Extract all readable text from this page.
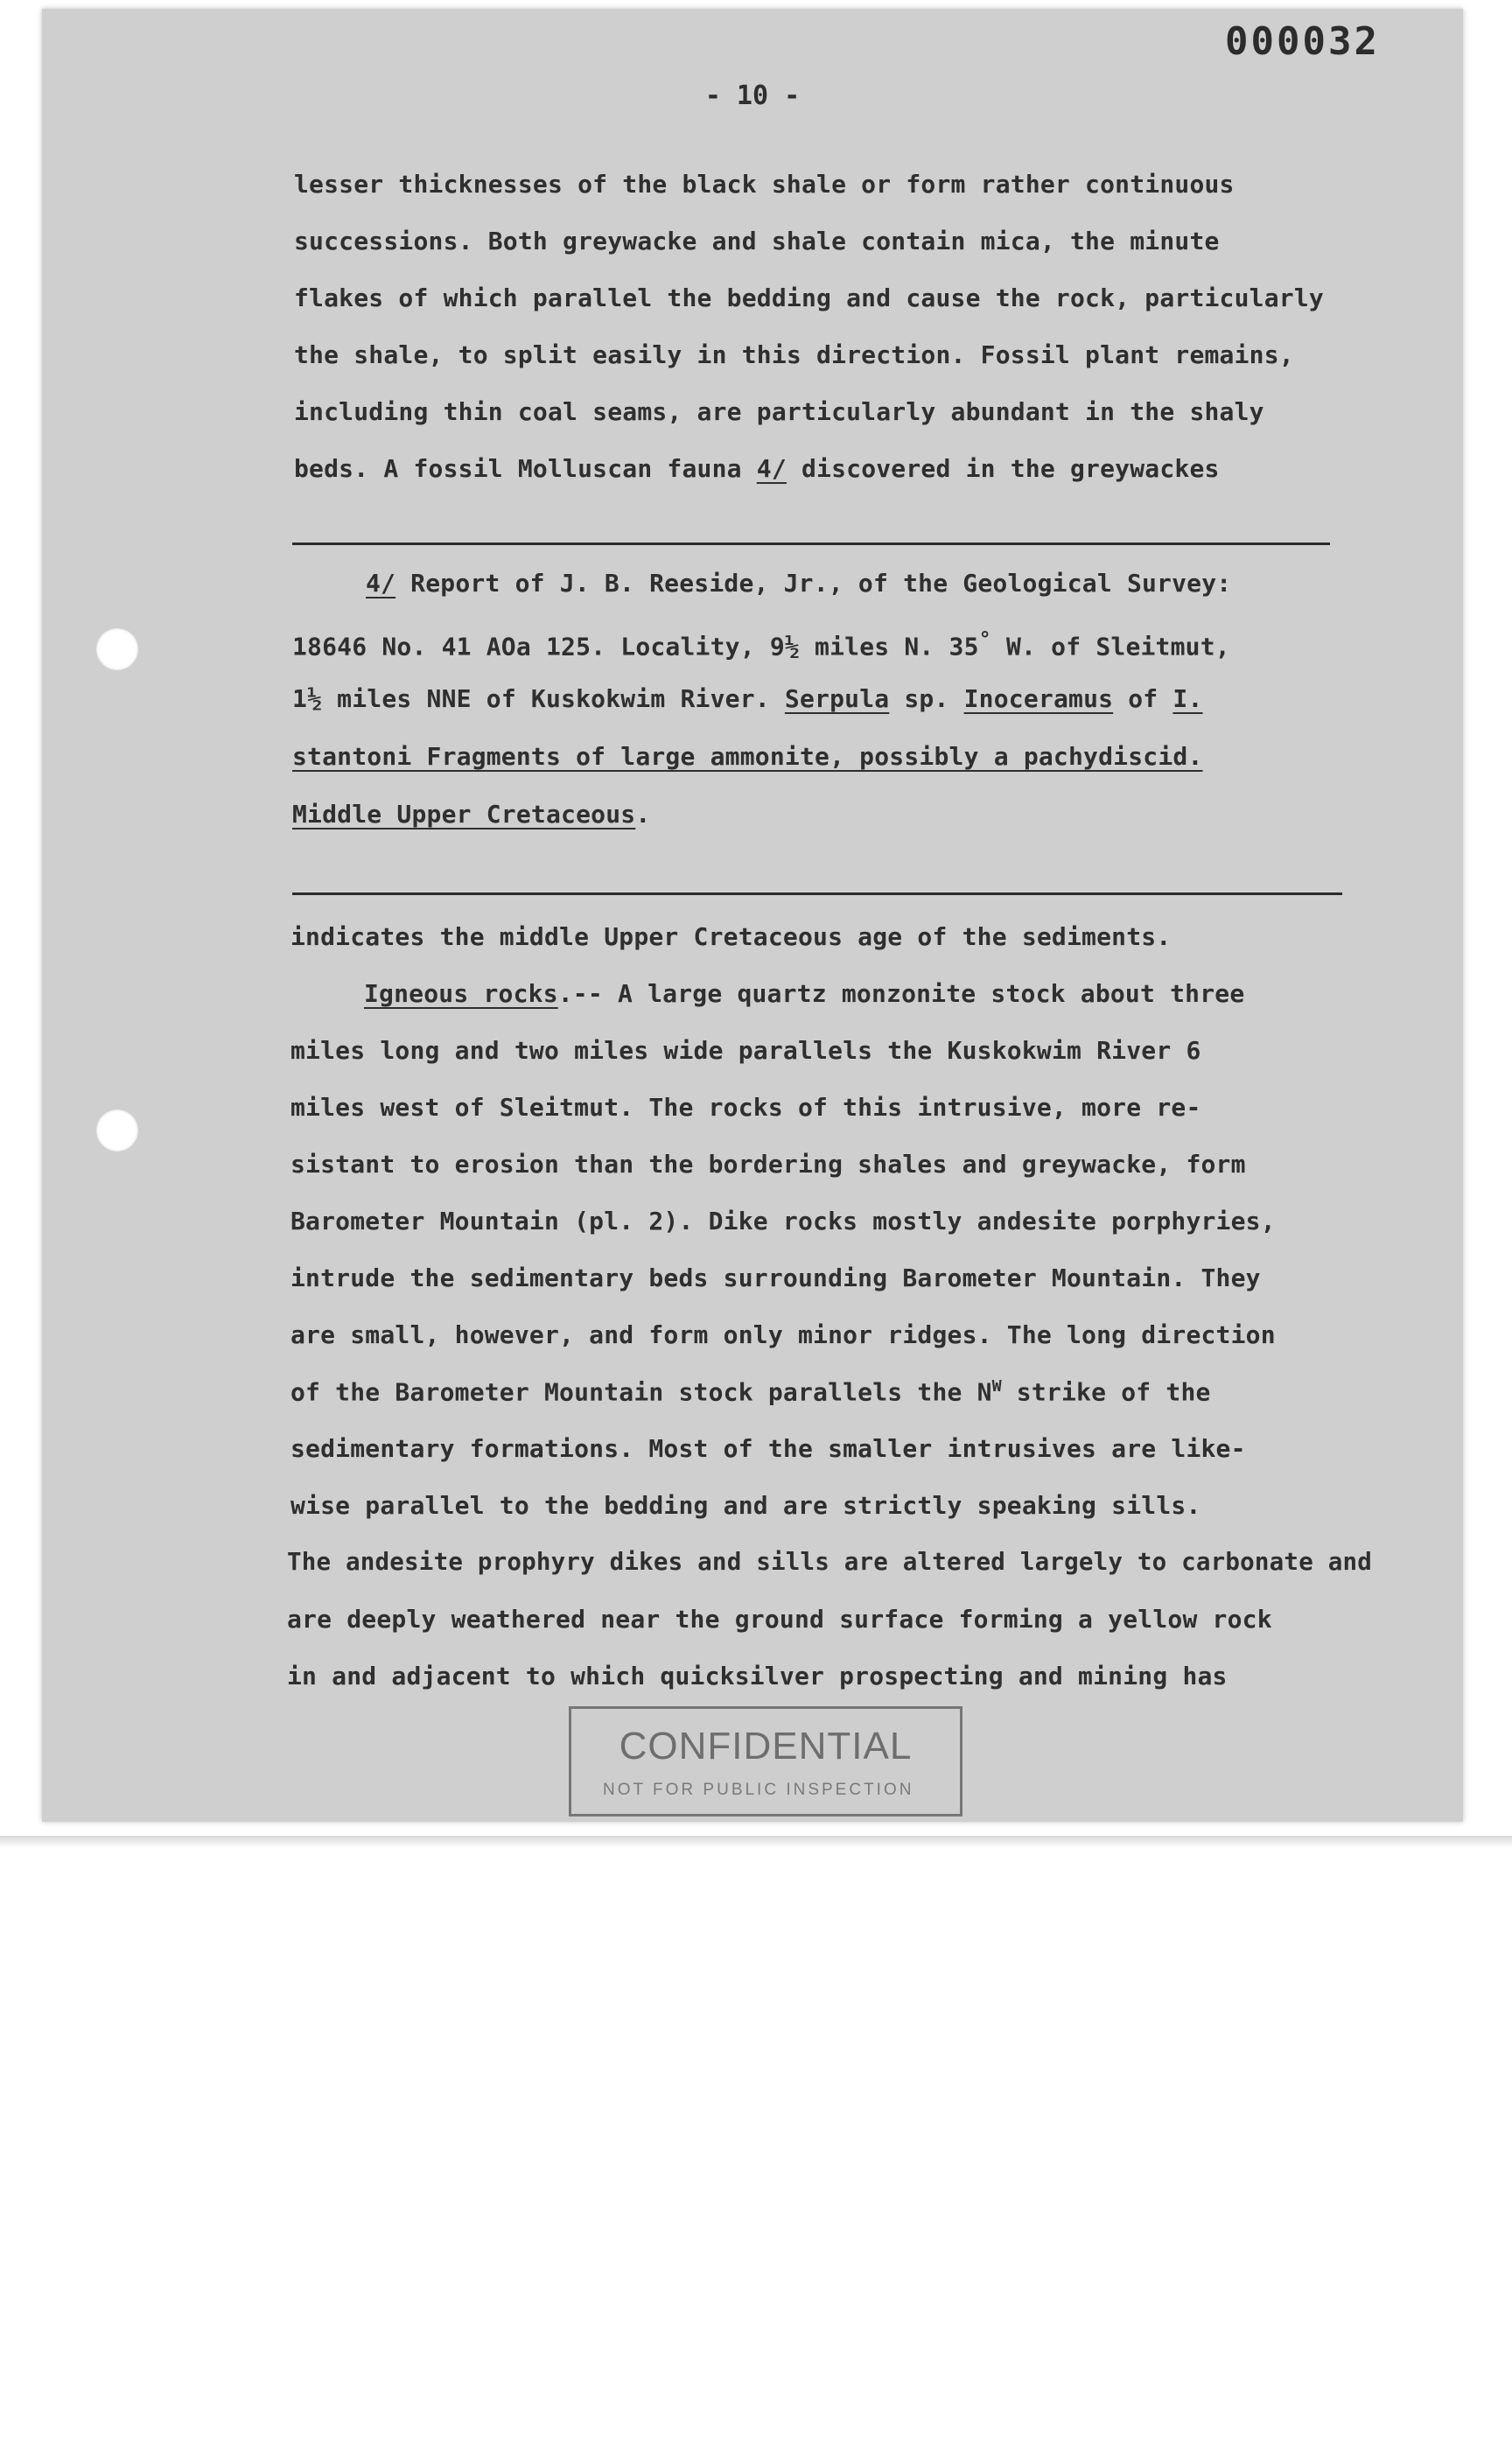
000032
- 10 -
lesser thicknesses of the black shale or form rather continuous
successions. Both greywacke and shale contain mica, the minute
flakes of which parallel the bedding and cause the rock, particularly
the shale, to split easily in this direction. Fossil plant remains,
including thin coal seams, are particularly abundant in the shaly
beds. A fossil Molluscan fauna 4/ discovered in the greywackes
4/ Report of J. B. Reeside, Jr., of the Geological Survey:
18646 No. 41 AOa 125. Locality, 9½ miles N. 35° W. of Sleitmut,
1½ miles NNE of Kuskokwim River. Serpula sp. Inoceramus of I.
stantoni Fragments of large ammonite, possibly a pachydiscid.
Middle Upper Cretaceous.
indicates the middle Upper Cretaceous age of the sediments.
Igneous rocks.-- A large quartz monzonite stock about three
miles long and two miles wide parallels the Kuskokwim River 6
miles west of Sleitmut. The rocks of this intrusive, more re-
sistant to erosion than the bordering shales and greywacke, form
Barometer Mountain (pl. 2). Dike rocks mostly andesite porphyries,
intrude the sedimentary beds surrounding Barometer Mountain. They
are small, however, and form only minor ridges. The long direction
of the Barometer Mountain stock parallels the $N^W$ strike of the
sedimentary formations. Most of the smaller intrusives are like-
wise parallel to the bedding and are strictly speaking sills.
The andesite prophyry dikes and sills are altered largely to carbonate and
are deeply weathered near the ground surface forming a yellow rock
in and adjacent to which quicksilver prospecting and mining has
CONFIDENTIAL
NOT FOR PUBLIC INSPECTION
